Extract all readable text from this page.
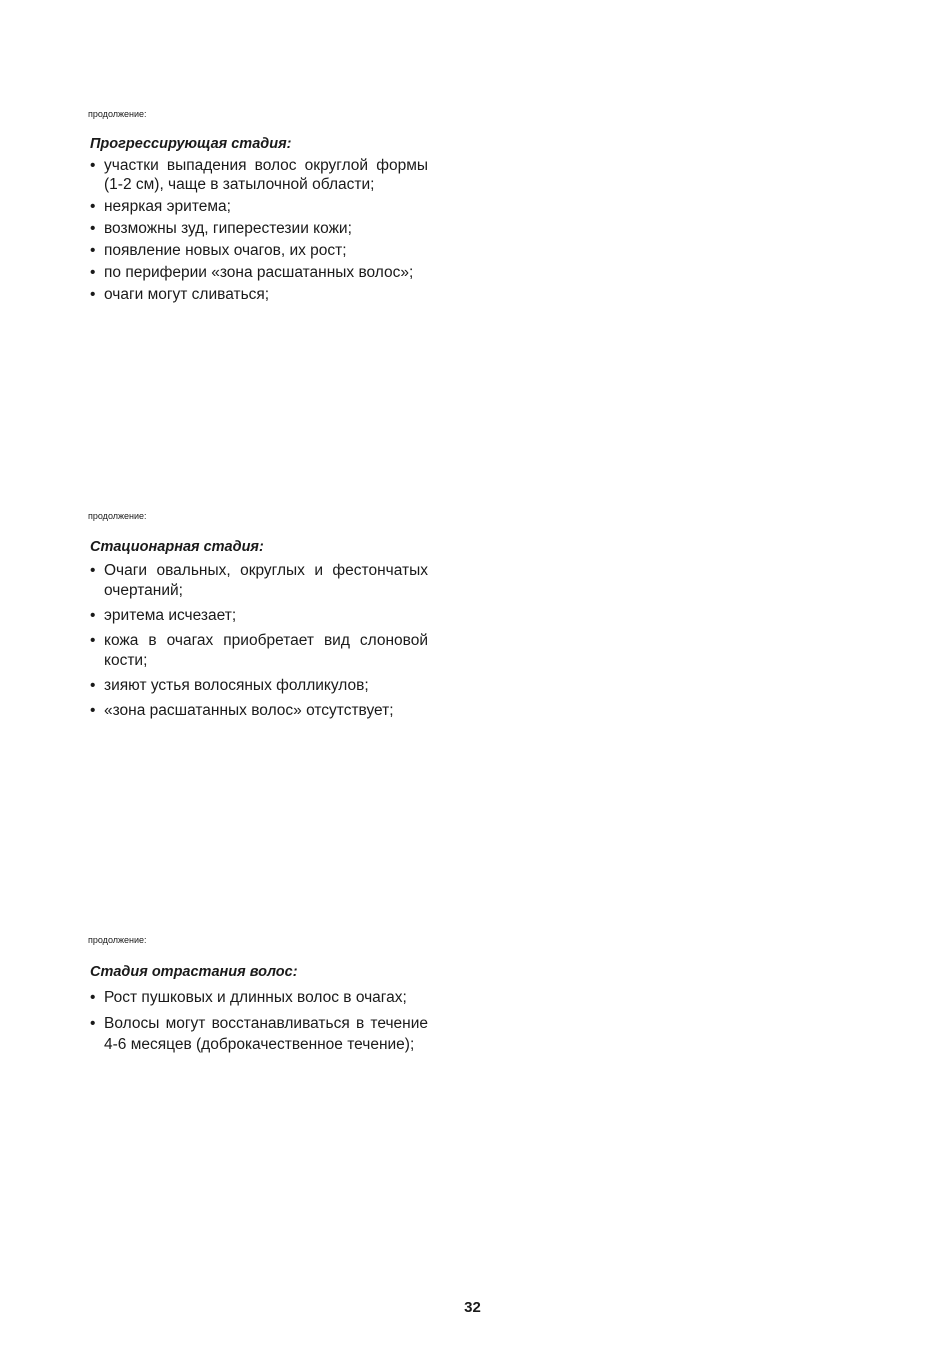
продолжение:

Прогрессирующая стадия:

• участки выпадения волос округлой формы (1-2 см), чаще в затылочной области;
• неяркая эритема;
• возможны зуд, гиперестезии кожи;
• появление новых очагов, их рост;
• по периферии «зона расшатанных волос»;
• очаги могут сливаться;

продолжение:

Стационарная стадия:

• Очаги овальных, округлых и фестончатых очертаний;
• эритема исчезает;
• кожа в очагах приобретает вид слоновой кости;
• зияют устья волосяных фолликулов;
• «зона расшатанных волос» отсутствует;

продолжение:

Стадия отрастания волос:

• Рост пушковых и длинных волос в очагах;
• Волосы могут восстанавливаться в течение 4-6 месяцев (доброкачественное течение);
32
